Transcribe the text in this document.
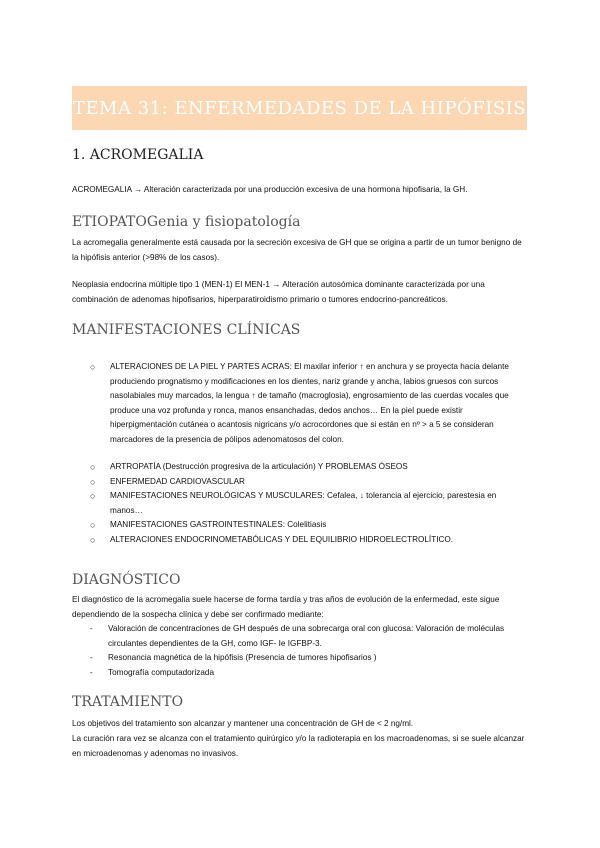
TEMA 31: ENFERMEDADES DE LA HIPÓFISIS
1. ACROMEGALIA
ACROMEGALIA → Alteración caracterizada por una producción excesiva de una hormona hipofisaria, la GH.
ETIOPATOGenia y fisiopatología
La acromegalia generalmente está causada por la secreción excesiva de GH que se origina a partir de un tumor benigno de la hipófisis anterior (>98% de los casos).
Neoplasia endocrina múltiple tipo 1 (MEN-1) El MEN-1 → Alteración autosómica dominante caracterizada por una combinación de adenomas hipofisarios, hiperparatiroidismo primario o tumores endocrino-pancreáticos.
MANIFESTACIONES CLÍNICAS
○ ALTERACIONES DE LA PIEL Y PARTES ACRAS: El maxilar inferior ↑ en anchura y se proyecta hacia delante produciendo prognatismo y modificaciones en los dientes, nariz grande y ancha, labios gruesos con surcos nasolabiales muy marcados, la lengua ↑ de tamaño (macroglosia), engrosamiento de las cuerdas vocales que produce una voz profunda y ronca, manos ensanchadas, dedos anchos… En la piel puede existir hiperpigmentación cutánea o acantosis nigricans y/o acrocordones que si están en nº > a 5 se consideran marcadores de la presencia de pólipos adenomatosos del colon.
○ ARTROPATÍA (Destrucción progresiva de la articulación) Y PROBLEMAS ÓSEOS
○ ENFERMEDAD CARDIOVASCULAR
○ MANIFESTACIONES NEUROLÓGICAS Y MUSCULARES: Cefalea, ↓ tolerancia al ejercicio, parestesia en manos…
○ MANIFESTACIONES GASTROINTESTINALES: Colelitiasis
○ ALTERACIONES ENDOCRINOMETABÓLICAS Y DEL EQUILIBRIO HIDROELECTROLÍTICO.
DIAGNÓSTICO
El diagnóstico de la acromegalia suele hacerse de forma tardía y tras años de evolución de la enfermedad, este sigue dependiendo de la sospecha clínica y debe ser confirmado mediante:
- Valoración de concentraciones de GH después de una sobrecarga oral con glucosa: Valoración de moléculas circulantes dependientes de la GH, como IGF- Ie IGFBP-3.
- Resonancia magnética de la hipófisis (Presencia de tumores hipofisarios )
- Tomografía computadorizada
TRATAMIENTO
Los objetivos del tratamiento son alcanzar y mantener una concentración de GH de < 2 ng/ml.
La curación rara vez se alcanza con el tratamiento quirúrgico y/o la radioterapia en los macroadenomas, si se suele alcanzar en microadenomas y adenomas no invasivos.
